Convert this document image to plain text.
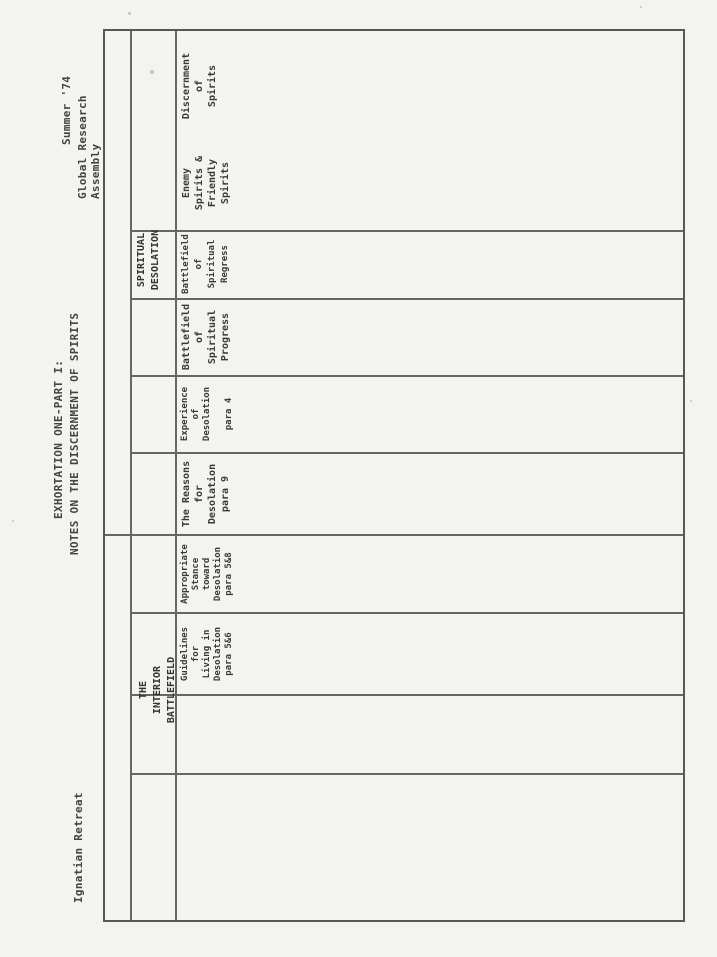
Ignatian Retreat
EXHORTATION ONE-PART I: NOTES ON THE DISCERNMENT OF SPIRITS
Summer '74 Global Research Assembly
THE
INTERIOR
BATTLEFIELD
SPIRITUAL
DESOLATION
Discernment
of
Spirits
Enemy
Spirits &
Friendly
Spirits
Battlefield
of
Spiritual
Regress
Battlefield
of
Spiritual
Progress
Experience
of
Desolation

para 4
The Reasons
for
Desolation
para 9
Appropriate
Stance
toward
Desolation
para 5&8
Guidelines
for
Living in
Desolation
para 5&6
